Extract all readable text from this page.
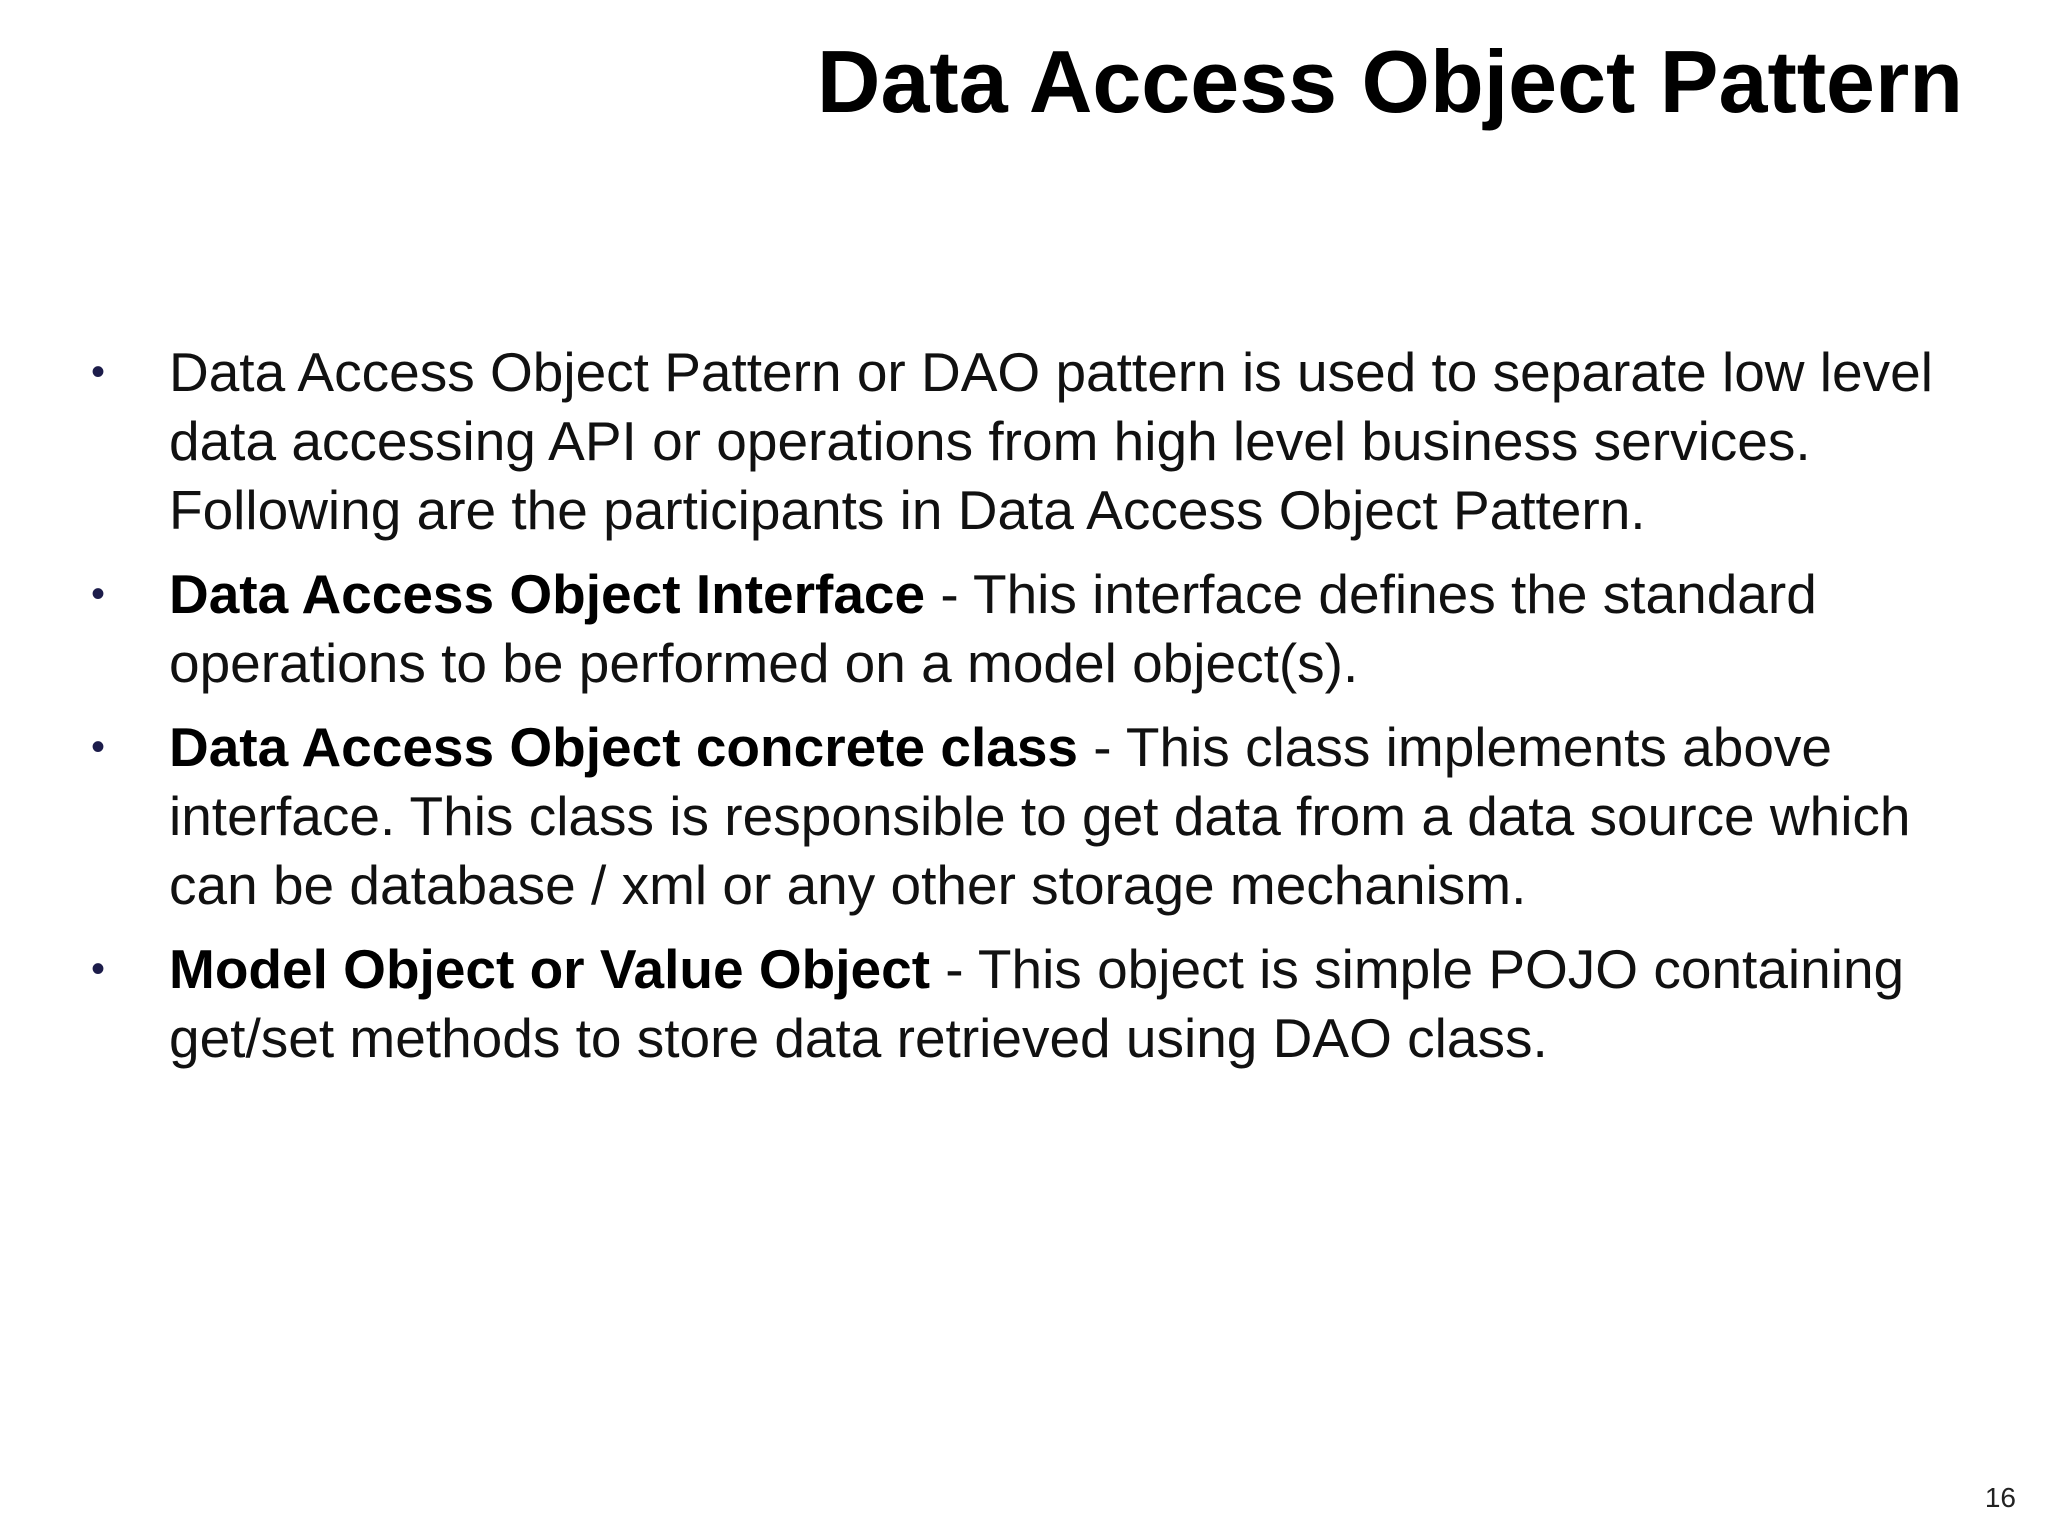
Data Access Object Pattern
• Data Access Object Pattern or DAO pattern is used to separate low level data accessing API or operations from high level business services. Following are the participants in Data Access Object Pattern.
• Data Access Object Interface - This interface defines the standard operations to be performed on a model object(s).
• Data Access Object concrete class - This class implements above interface. This class is responsible to get data from a data source which can be database / xml or any other storage mechanism.
• Model Object or Value Object - This object is simple POJO containing get/set methods to store data retrieved using DAO class.
16
